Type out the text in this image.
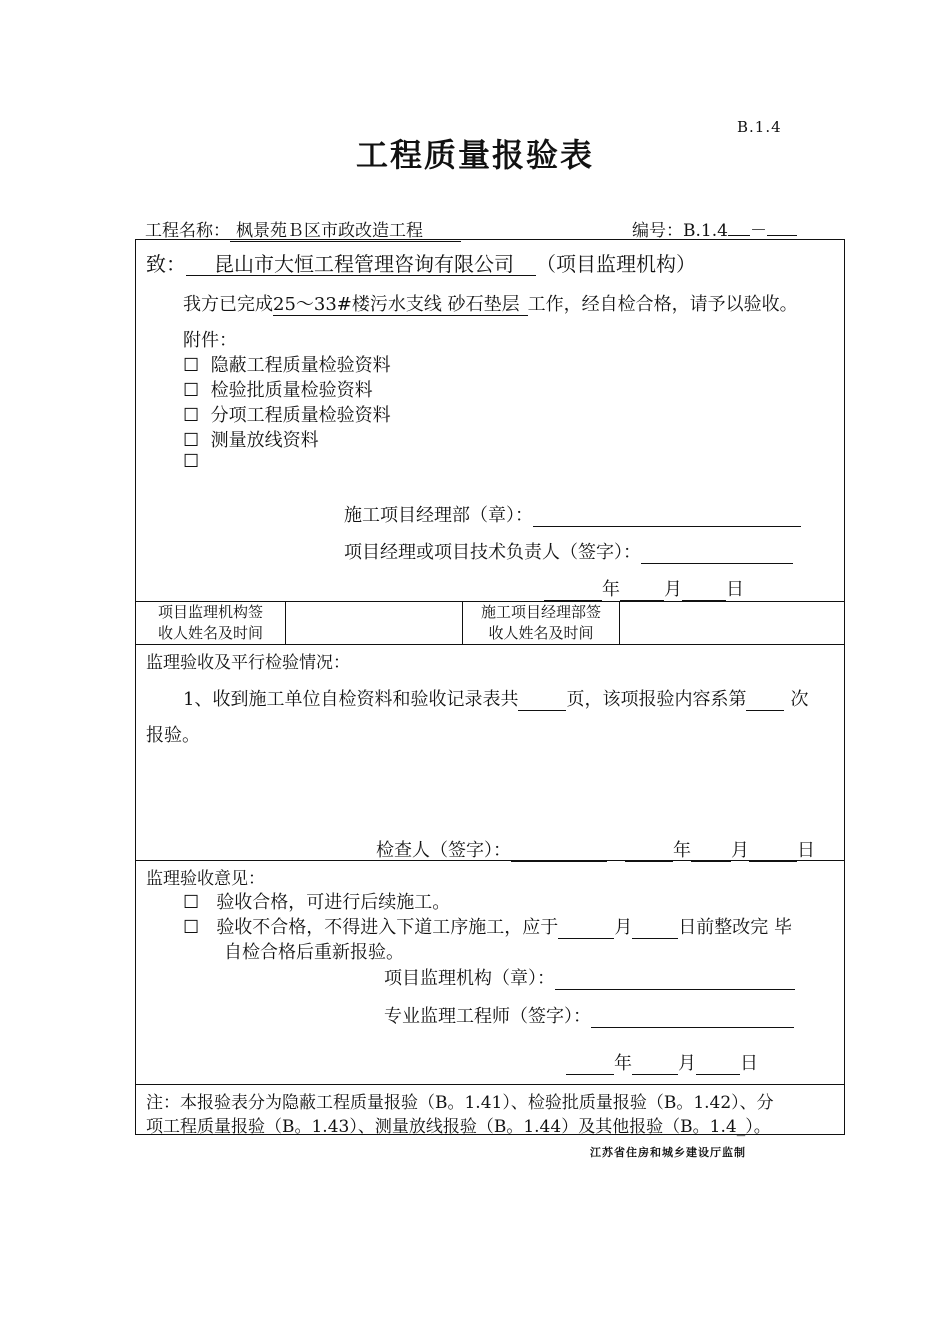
B.1.4
工程质量报验表
工程名称： 枫景苑Ｂ区市政改造工程	编号：B.1.4 －
致： 昆山市大恒工程管理咨询有限公司 （项目监理机构）
我方已完成25～33#楼污水支线 砂石垫层 工作，经自检合格，请予以验收。
附件：
☐ 隐蔽工程质量检验资料
☐ 检验批质量检验资料
☐ 分项工程质量检验资料
☐ 测量放线资料
☐
施工项目经理部（章）：
项目经理或项目技术负责人（签字）：
年 月 日
项目监理机构签
收人姓名及时间
施工项目经理部签
收人姓名及时间
监理验收及平行检验情况：
1、收到施工单位自检资料和验收记录表共	页，该项报验内容系第 次
报验。
检查人（签字）：	年 月	日
监理验收意见：
☐ 验收合格，可进行后续施工。
☐ 验收不合格，不得进入下道工序施工，应于	月	日前整改完 毕
自检合格后重新报验。
项目监理机构（章）：
专业监理工程师（签字）：
年	月 日
注：本报验表分为隐蔽工程质量报验（B。1.41）、检验批质量报验（B。1.42）、分
项工程质量报验（B。1.43）、测量放线报验（B。1.44）及其他报验（B。1.4_）。
江苏省住房和城乡建设厅监制
